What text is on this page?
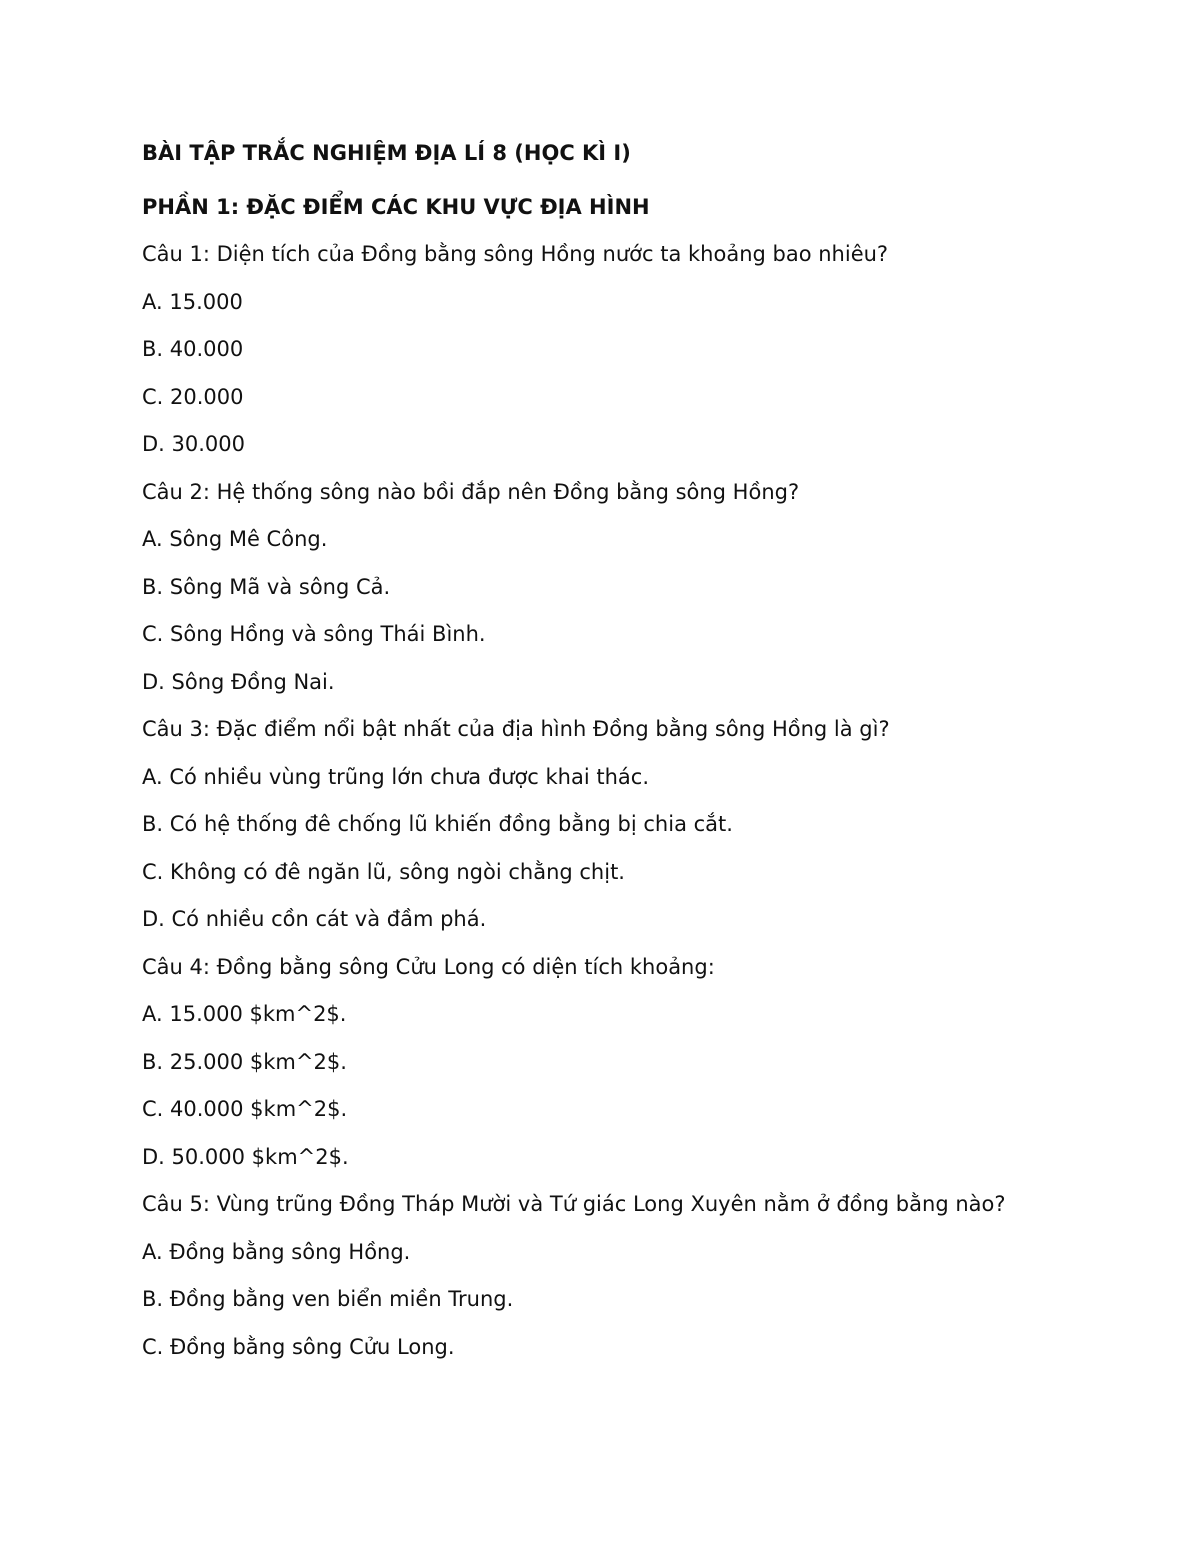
BÀI TẬP TRẮC NGHIỆM ĐỊA LÍ 8 (HỌC KÌ I)
PHẦN 1: ĐẶC ĐIỂM CÁC KHU VỰC ĐỊA HÌNH
Câu 1: Diện tích của Đồng bằng sông Hồng nước ta khoảng bao nhiêu?
A. 15.000
B. 40.000
C. 20.000
D. 30.000
Câu 2: Hệ thống sông nào bồi đắp nên Đồng bằng sông Hồng?
A. Sông Mê Công.
B. Sông Mã và sông Cả.
C. Sông Hồng và sông Thái Bình.
D. Sông Đồng Nai.
Câu 3: Đặc điểm nổi bật nhất của địa hình Đồng bằng sông Hồng là gì?
A. Có nhiều vùng trũng lớn chưa được khai thác.
B. Có hệ thống đê chống lũ khiến đồng bằng bị chia cắt.
C. Không có đê ngăn lũ, sông ngòi chằng chịt.
D. Có nhiều cồn cát và đầm phá.
Câu 4: Đồng bằng sông Cửu Long có diện tích khoảng:
A. 15.000 $km^2$.
B. 25.000 $km^2$.
C. 40.000 $km^2$.
D. 50.000 $km^2$.
Câu 5: Vùng trũng Đồng Tháp Mười và Tứ giác Long Xuyên nằm ở đồng bằng nào?
A. Đồng bằng sông Hồng.
B. Đồng bằng ven biển miền Trung.
C. Đồng bằng sông Cửu Long.
